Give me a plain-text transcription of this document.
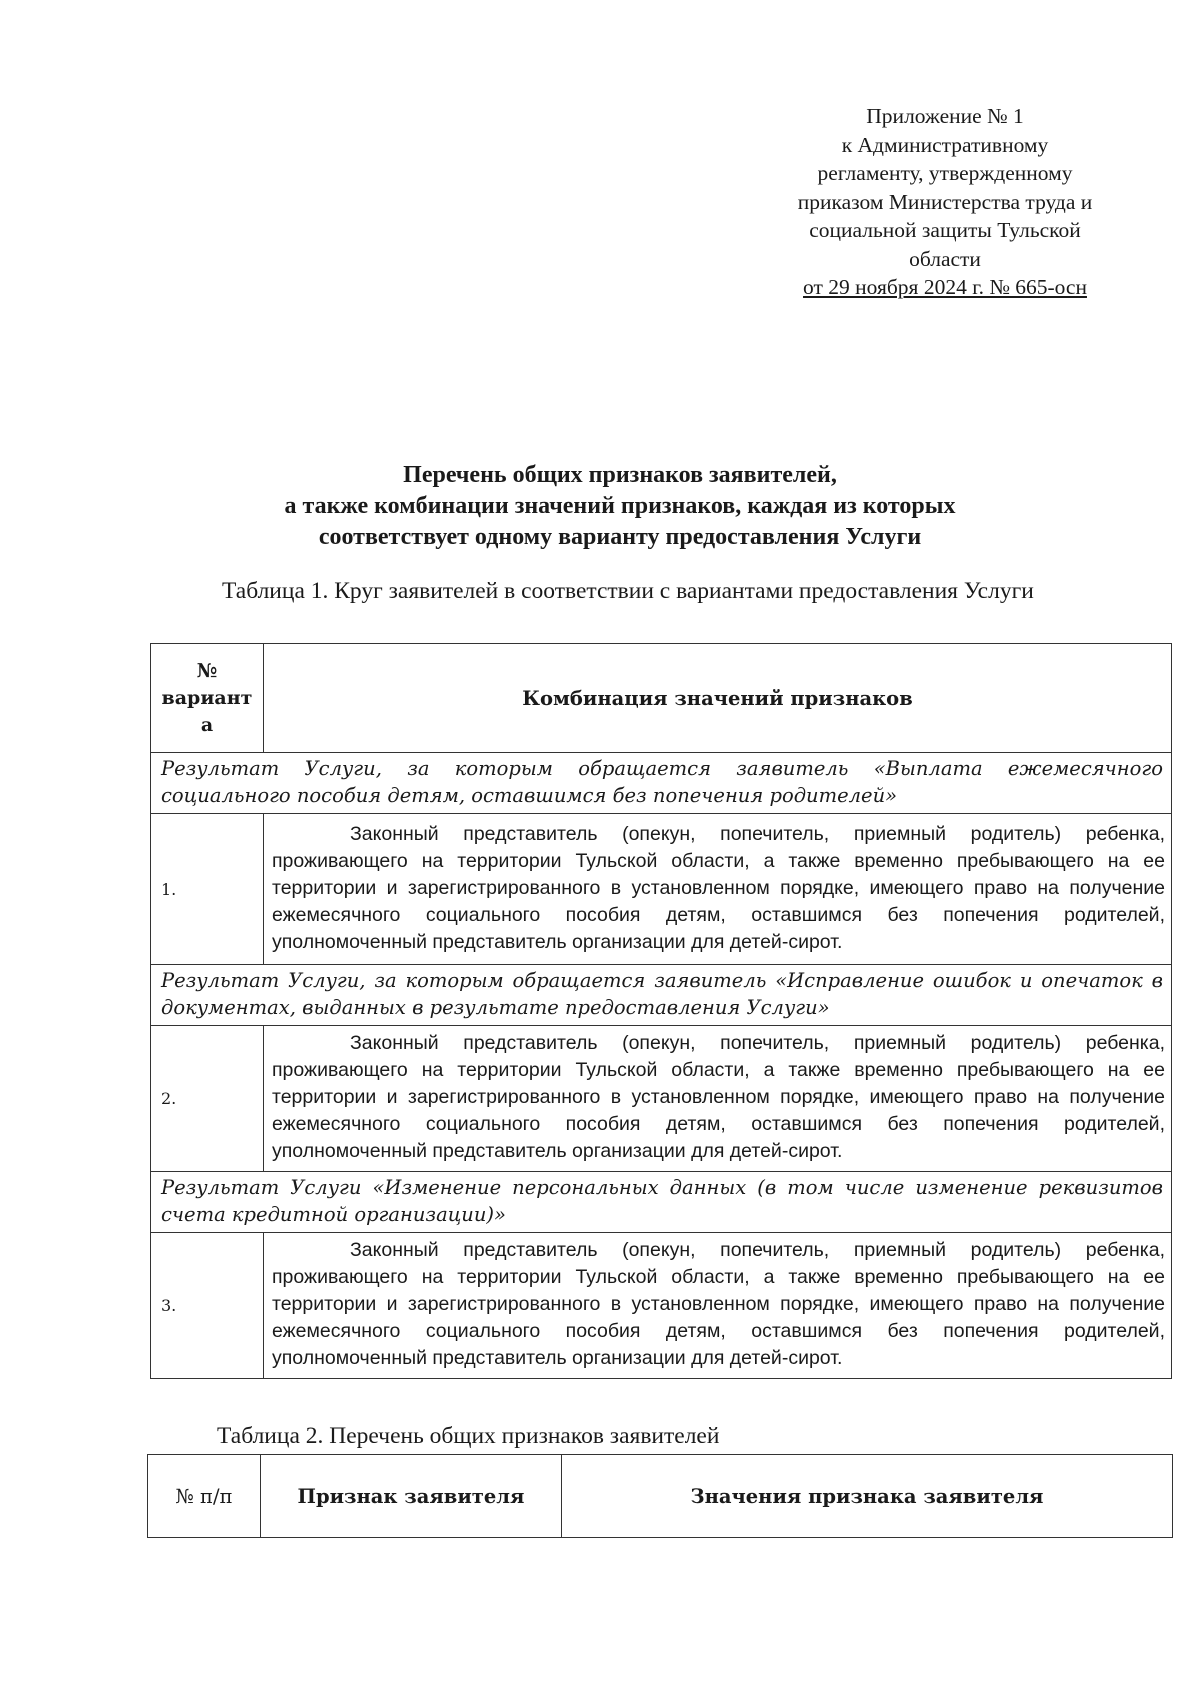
Приложение № 1
к Административному
регламенту, утвержденному
приказом Министерства труда и
социальной защиты Тульской
области
от 29 ноября 2024 г. № 665-осн
Перечень общих признаков заявителей,
а также комбинации значений признаков, каждая из которых
соответствует одному варианту предоставления Услуги
Таблица 1. Круг заявителей в соответствии с вариантами предоставления Услуги
№
вариант
а	Комбинация значений признаков
Результат Услуги, за которым обращается заявитель «Выплата ежемесячного социального пособия детям, оставшимся без попечения родителей»	
1.	Законный представитель (опекун, попечитель, приемный родитель) ребенка, проживающего на территории Тульской области, а также временно пребывающего на ее территории и зарегистрированного в установленном порядке, имеющего право на получение ежемесячного социального пособия детям, оставшимся без попечения родителей, уполномоченный представитель организации для детей-сирот.
Результат Услуги, за которым обращается заявитель «Исправление ошибок и опечаток в документах, выданных в результате предоставления Услуги»	
2.	Законный представитель (опекун, попечитель, приемный родитель) ребенка, проживающего на территории Тульской области, а также временно пребывающего на ее территории и зарегистрированного в установленном порядке, имеющего право на получение ежемесячного социального пособия детям, оставшимся без попечения родителей, уполномоченный представитель организации для детей-сирот.
Результат Услуги «Изменение персональных данных (в том числе изменение реквизитов счета кредитной организации)»	
3.	Законный представитель (опекун, попечитель, приемный родитель) ребенка, проживающего на территории Тульской области, а также временно пребывающего на ее территории и зарегистрированного в установленном порядке, имеющего право на получение ежемесячного социального пособия детям, оставшимся без попечения родителей, уполномоченный представитель организации для детей-сирот.
Таблица 2. Перечень общих признаков заявителей
№ п/п	Признак заявителя	Значения признака заявителя
